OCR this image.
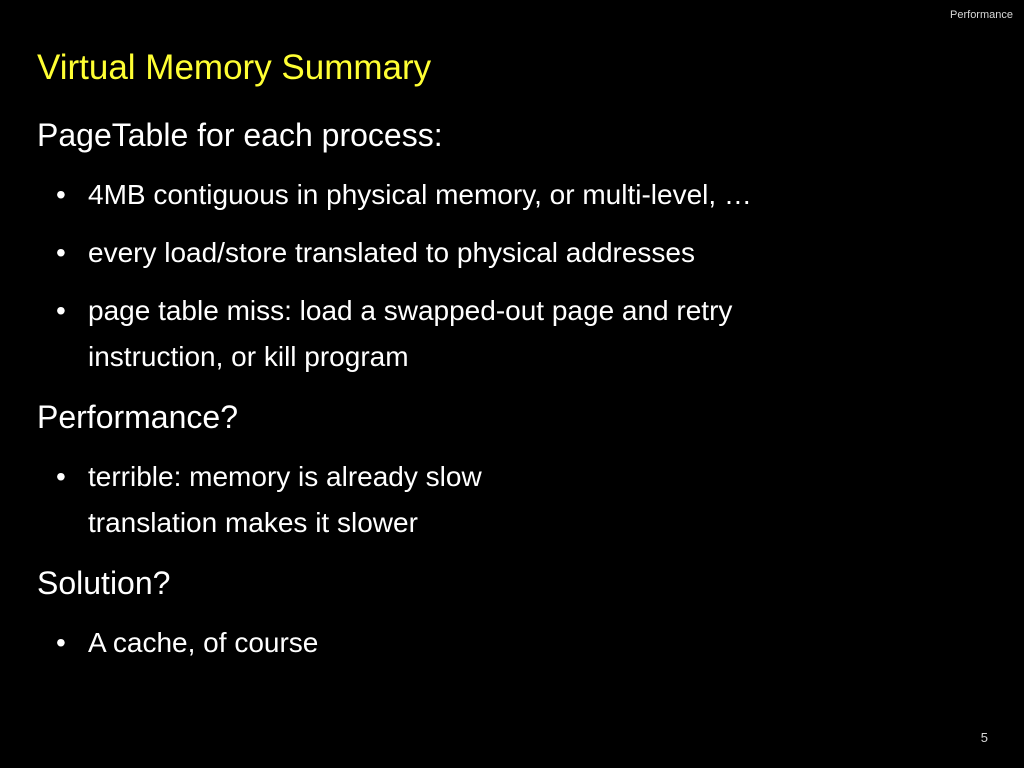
Performance
Virtual Memory Summary
PageTable for each process:
• 4MB contiguous in physical memory, or multi-level, …
• every load/store translated to physical addresses
• page table miss: load a swapped-out page and retry
instruction, or kill program
Performance?
• terrible: memory is already slow
translation makes it slower
Solution?
• A cache, of course
5
